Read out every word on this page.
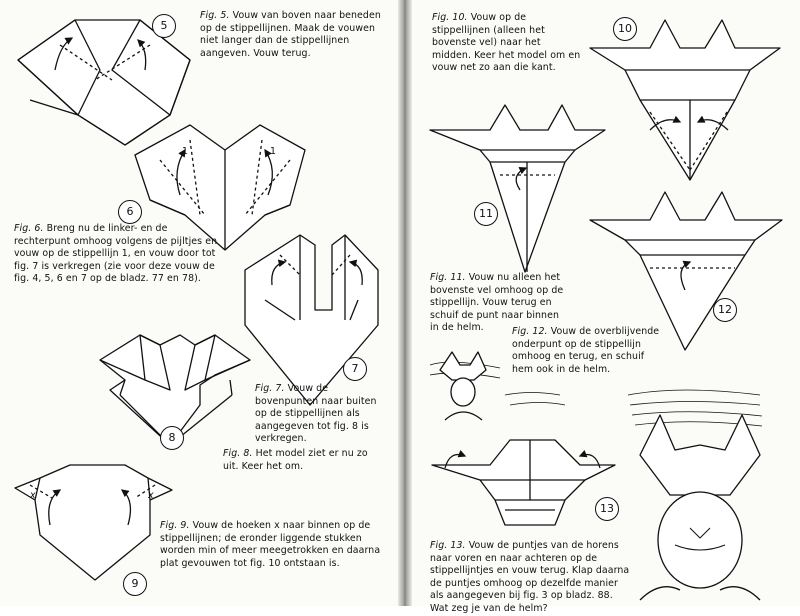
5
6
7
8
9
10
11
12
13
1	1
x	x

Fig. 5. Vouw van boven naar beneden op de stippellijnen. Maak de vouwen niet langer dan de stippellijnen aangeven. Vouw terug.

Fig. 6. Breng nu de linker- en de rechterpunt omhoog volgens de pijltjes en vouw op de stippellijn 1, en vouw door tot fig. 7 is verkregen (zie voor deze vouw de fig. 4, 5, 6 en 7 op de bladz. 77 en 78).

Fig. 7. Vouw de bovenpunten naar buiten op de stippellijnen als aangegeven tot fig. 8 is verkregen.

Fig. 8. Het model ziet er nu zo uit. Keer het om.

Fig. 9. Vouw de hoeken x naar binnen op de stippellijnen; de eronder liggende stukken worden min of meer meegetrokken en daarna plat gevouwen tot fig. 10 ontstaan is.

Fig. 10. Vouw op de stippellijnen (alleen het bovenste vel) naar het midden. Keer het model om en vouw net zo aan die kant.

Fig. 11. Vouw nu alleen het bovenste vel omhoog op de stippellijn. Vouw terug en schuif de punt naar binnen in de helm.	Fig. 12. Vouw de overblijvende onderpunt op de stippellijn omhoog en terug, en schuif hem ook in de helm.

Fig. 13. Vouw de puntjes van de horens naar voren en naar achteren op de stippellijntjes en vouw terug. Klap daarna de puntjes omhoog op dezelfde manier als aangegeven bij fig. 3 op bladz. 88. Wat zeg je van de helm?
